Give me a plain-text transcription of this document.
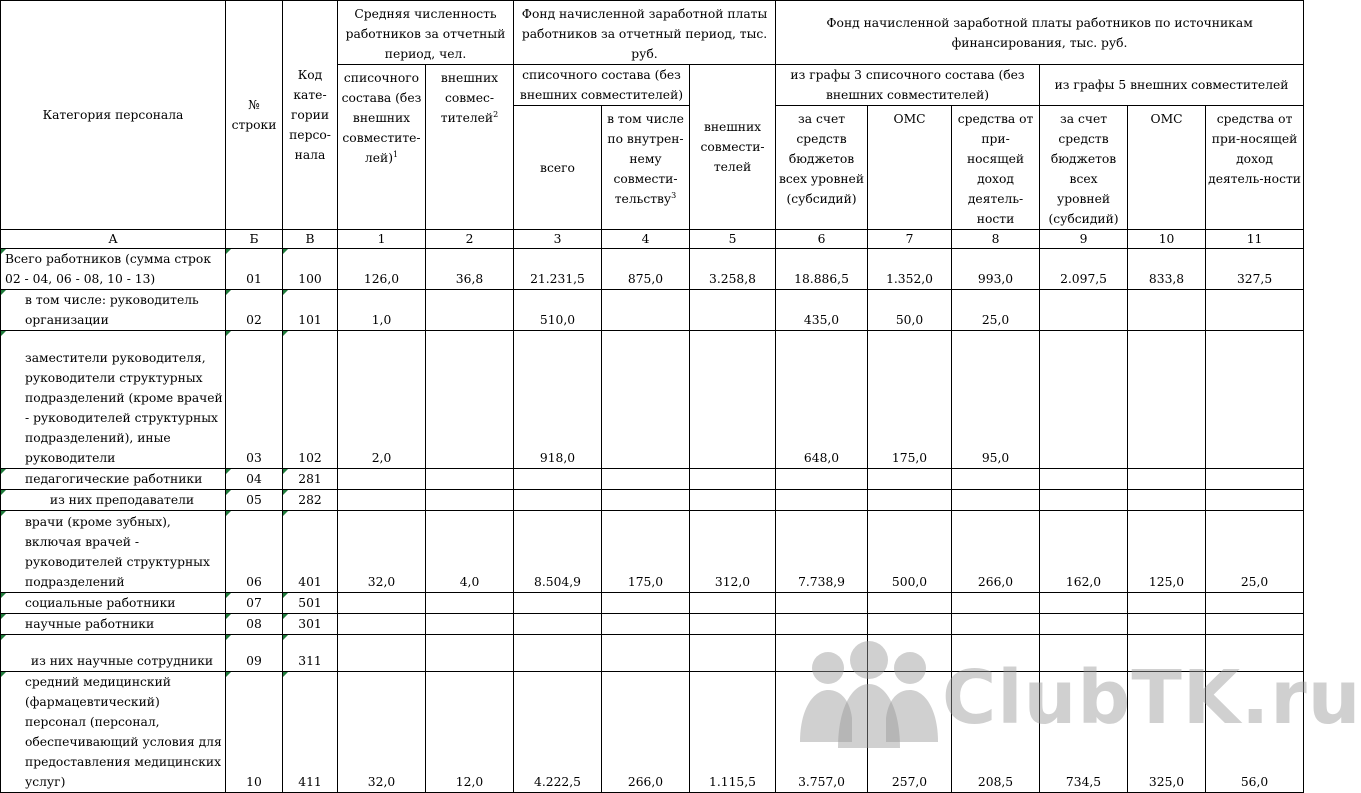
Категория персонала	№ строки	Код кате-гории персо-нала	Средняя численность работников за отчетный период, чел.		Фонд начисленной заработной платы работников за отчетный период, тыс. руб.			Фонд начисленной заработной платы работников по источникам финансирования, тыс. руб.					
			списочного состава (без внешних совместите-лей)$^1$	внешних совмес-тителей$^2$	списочного состава (без внешних совместителей)		внешних совмести-телей	из графы 3 списочного состава (без внешних совместителей)			из графы 5 внешних совместителей		
					всего	в том числе по внутрен-нему совмести-тельству$^3$		за счет средств бюджетов всех уровней (субсидий)	ОМС	средства от при-носящей доход деятель-ности	за счет средств бюджетов всех уровней (субсидий)	ОМС	средства от при-носящей доход деятель-ности
А	Б	В	1	2	3	4	5	6	7	8	9	10	11
Всего работников (сумма строк 02 - 04, 06 - 08, 10 - 13)	01	100	126,0	36,8	21.231,5	875,0	3.258,8	18.886,5	1.352,0	993,0	2.097,5	833,8	327,5
в том числе: руководитель организации	02	101	1,0		510,0			435,0	50,0	25,0			
заместители руководителя, руководители структурных подразделений (кроме врачей - руководителей структурных подразделений), иные руководители	03	102	2,0		918,0			648,0	175,0	95,0			
педагогические работники	04	281

из них преподаватели	05	282

врачи (кроме зубных), включая врачей - руководителей структурных подразделений	06	401	32,0	4,0	8.504,9	175,0	312,0	7.738,9	500,0	266,0	162,0	125,0	25,0
социальные работники	07	501

научные работники	08	301

из них научные сотрудники	09	311

средний медицинский (фармацевтический) персонал (персонал, обеспечивающий условия для предоставления медицинских услуг)	10	411	32,0	12,0	4.222,5	266,0	1.115,5	3.757,0	257,0	208,5	734,5	325,0	56,0
ClubTK.ru
